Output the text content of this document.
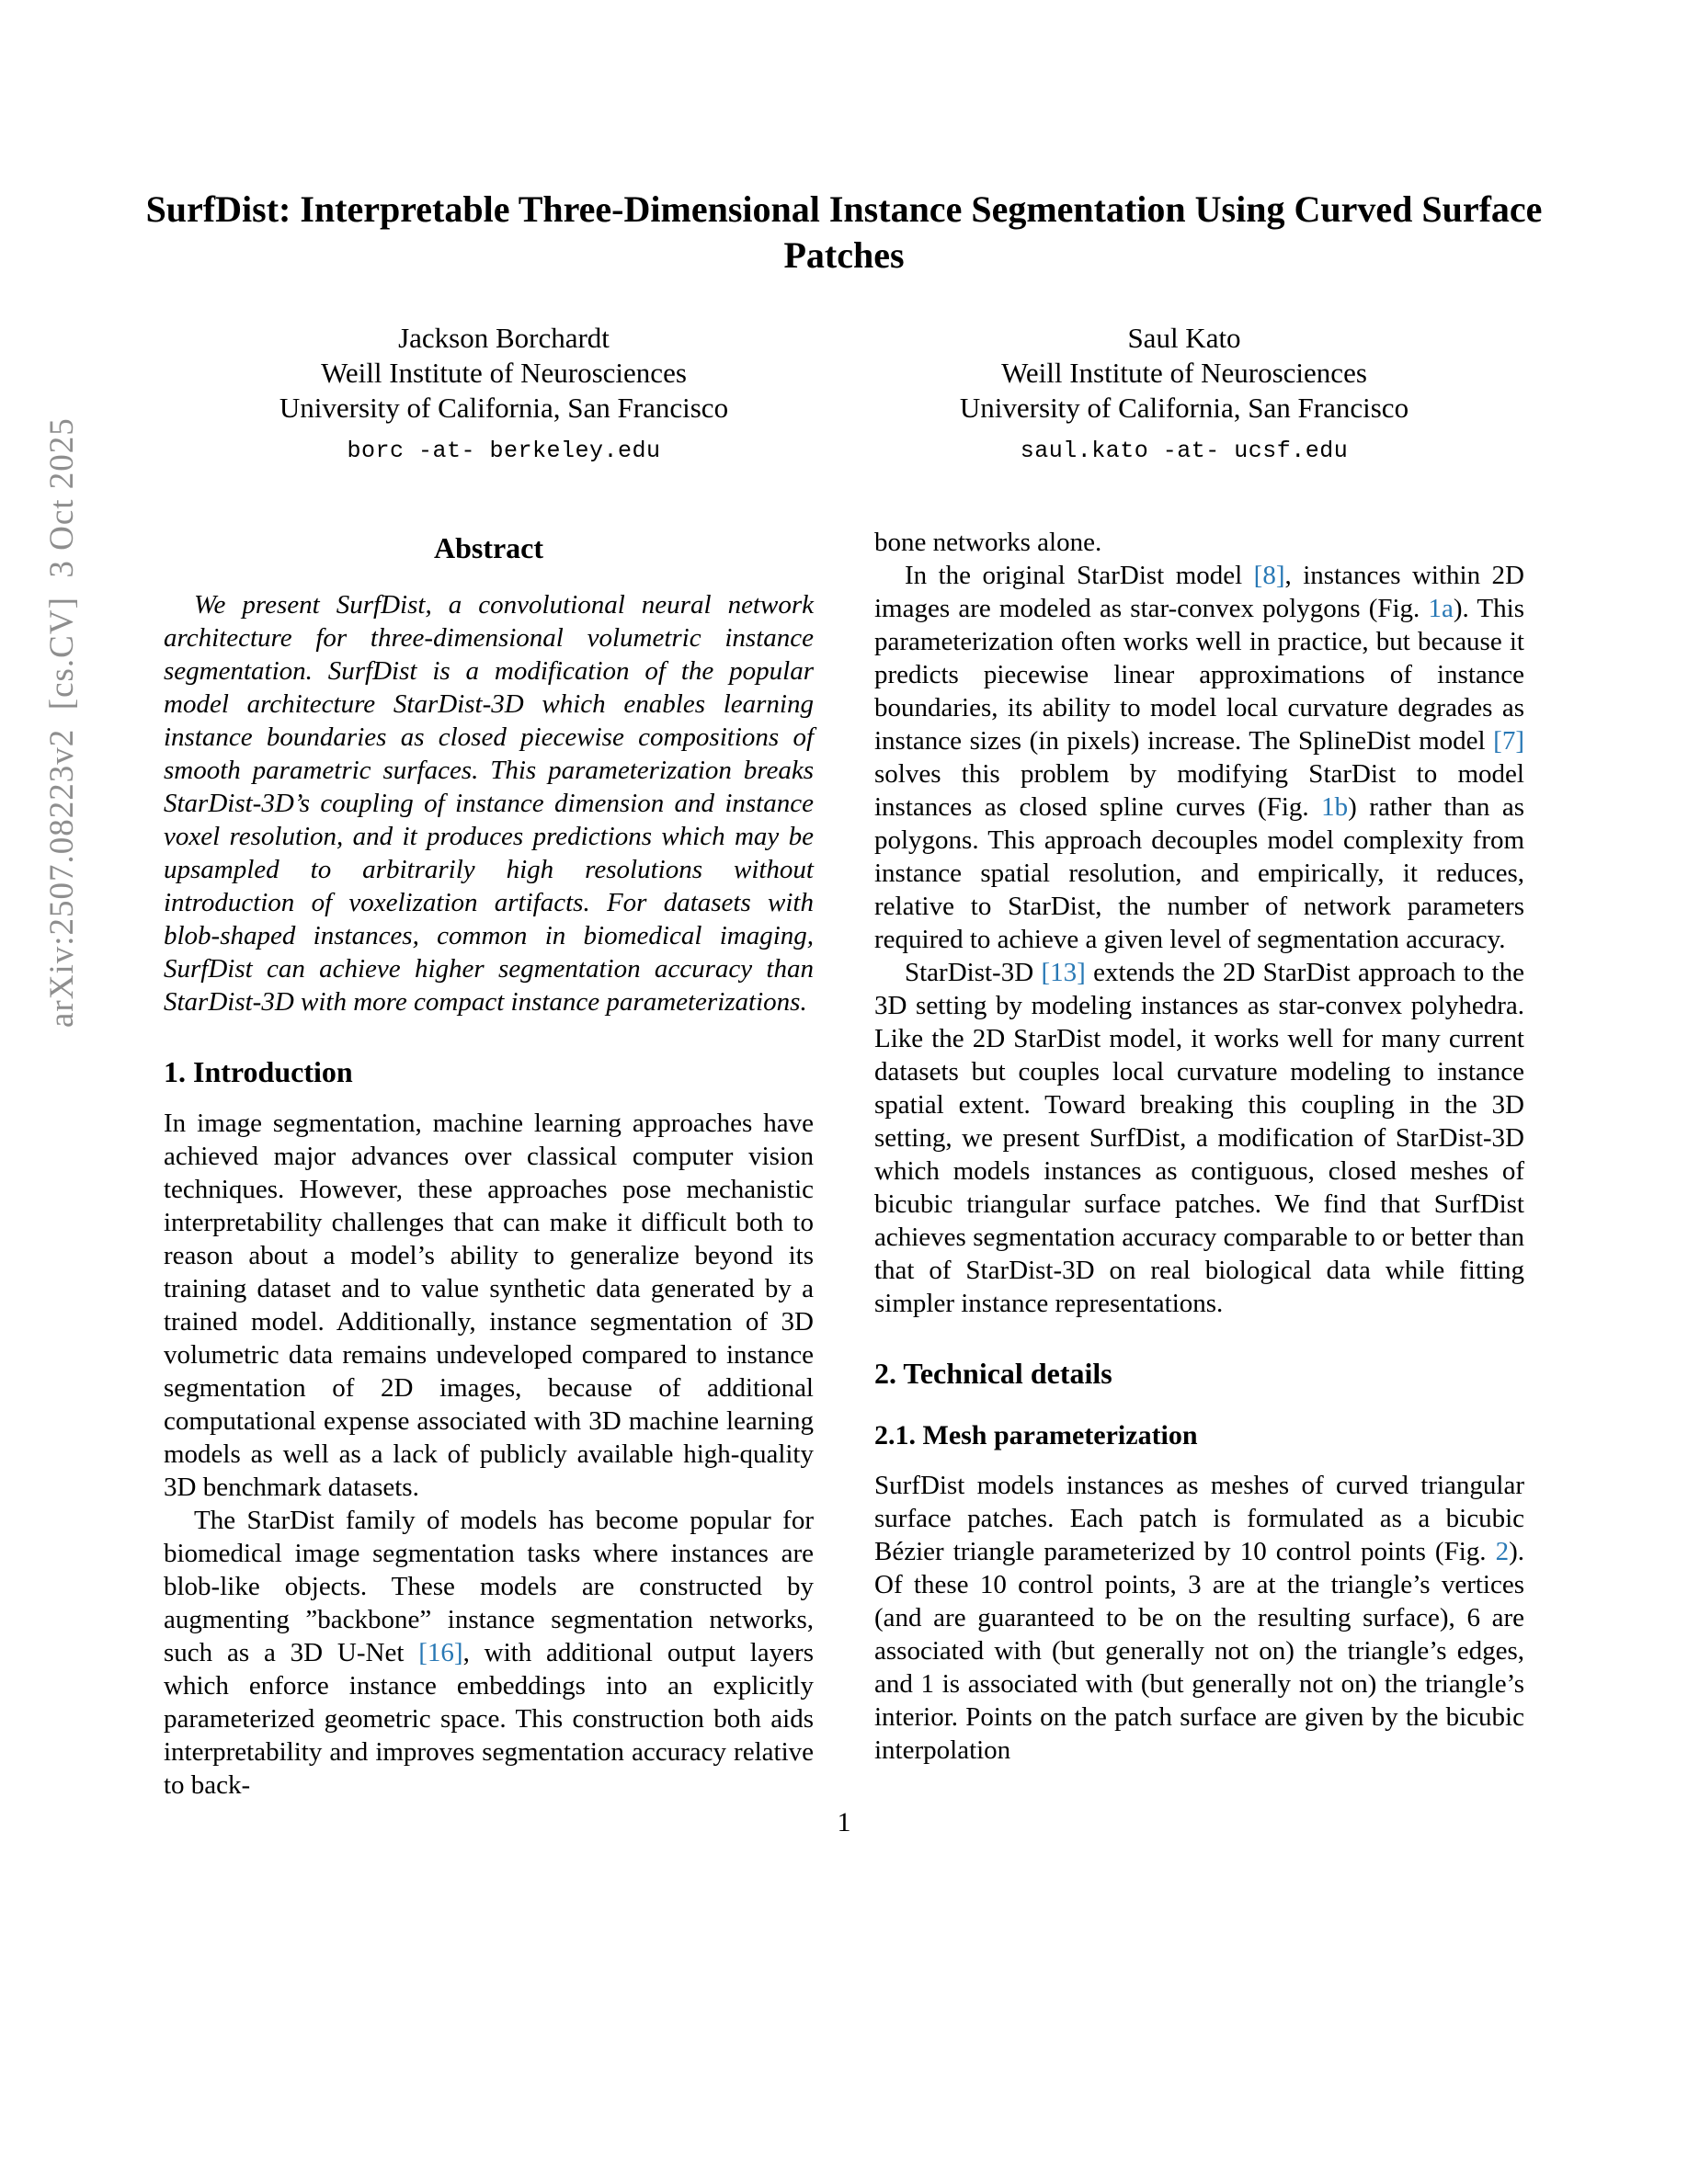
arXiv:2507.08223v2  [cs.CV]  3 Oct 2025
SurfDist: Interpretable Three-Dimensional Instance Segmentation Using Curved Surface Patches
Jackson Borchardt
Weill Institute of Neurosciences
University of California, San Francisco
borc -at- berkeley.edu
Saul Kato
Weill Institute of Neurosciences
University of California, San Francisco
saul.kato -at- ucsf.edu
Abstract

We present SurfDist, a convolutional neural network architecture for three-dimensional volumetric instance segmentation. SurfDist is a modification of the popular model architecture StarDist-3D which enables learning instance boundaries as closed piecewise compositions of smooth parametric surfaces. This parameterization breaks StarDist-3D’s coupling of instance dimension and instance voxel resolution, and it produces predictions which may be upsampled to arbitrarily high resolutions without introduction of voxelization artifacts. For datasets with blob-shaped instances, common in biomedical imaging, SurfDist can achieve higher segmentation accuracy than StarDist-3D with more compact instance parameterizations.

1. Introduction

In image segmentation, machine learning approaches have achieved major advances over classical computer vision techniques. However, these approaches pose mechanistic interpretability challenges that can make it difficult both to reason about a model’s ability to generalize beyond its training dataset and to value synthetic data generated by a trained model. Additionally, instance segmentation of 3D volumetric data remains undeveloped compared to instance segmentation of 2D images, because of additional computational expense associated with 3D machine learning models as well as a lack of publicly available high-quality 3D benchmark datasets.

The StarDist family of models has become popular for biomedical image segmentation tasks where instances are blob-like objects. These models are constructed by augmenting ”backbone” instance segmentation networks, such as a 3D U-Net [16], with additional output layers which enforce instance embeddings into an explicitly parameterized geometric space. This construction both aids interpretability and improves segmentation accuracy relative to back-

bone networks alone.

In the original StarDist model [8], instances within 2D images are modeled as star-convex polygons (Fig. 1a). This parameterization often works well in practice, but because it predicts piecewise linear approximations of instance boundaries, its ability to model local curvature degrades as instance sizes (in pixels) increase. The SplineDist model [7] solves this problem by modifying StarDist to model instances as closed spline curves (Fig. 1b) rather than as polygons. This approach decouples model complexity from instance spatial resolution, and empirically, it reduces, relative to StarDist, the number of network parameters required to achieve a given level of segmentation accuracy.

StarDist-3D [13] extends the 2D StarDist approach to the 3D setting by modeling instances as star-convex polyhedra. Like the 2D StarDist model, it works well for many current datasets but couples local curvature modeling to instance spatial extent. Toward breaking this coupling in the 3D setting, we present SurfDist, a modification of StarDist-3D which models instances as contiguous, closed meshes of bicubic triangular surface patches. We find that SurfDist achieves segmentation accuracy comparable to or better than that of StarDist-3D on real biological data while fitting simpler instance representations.

2. Technical details
2.1. Mesh parameterization

SurfDist models instances as meshes of curved triangular surface patches. Each patch is formulated as a bicubic Bézier triangle parameterized by 10 control points (Fig. 2). Of these 10 control points, 3 are at the triangle’s vertices (and are guaranteed to be on the resulting surface), 6 are associated with (but generally not on) the triangle’s edges, and 1 is associated with (but generally not on) the triangle’s interior. Points on the patch surface are given by the bicubic interpolation

1
